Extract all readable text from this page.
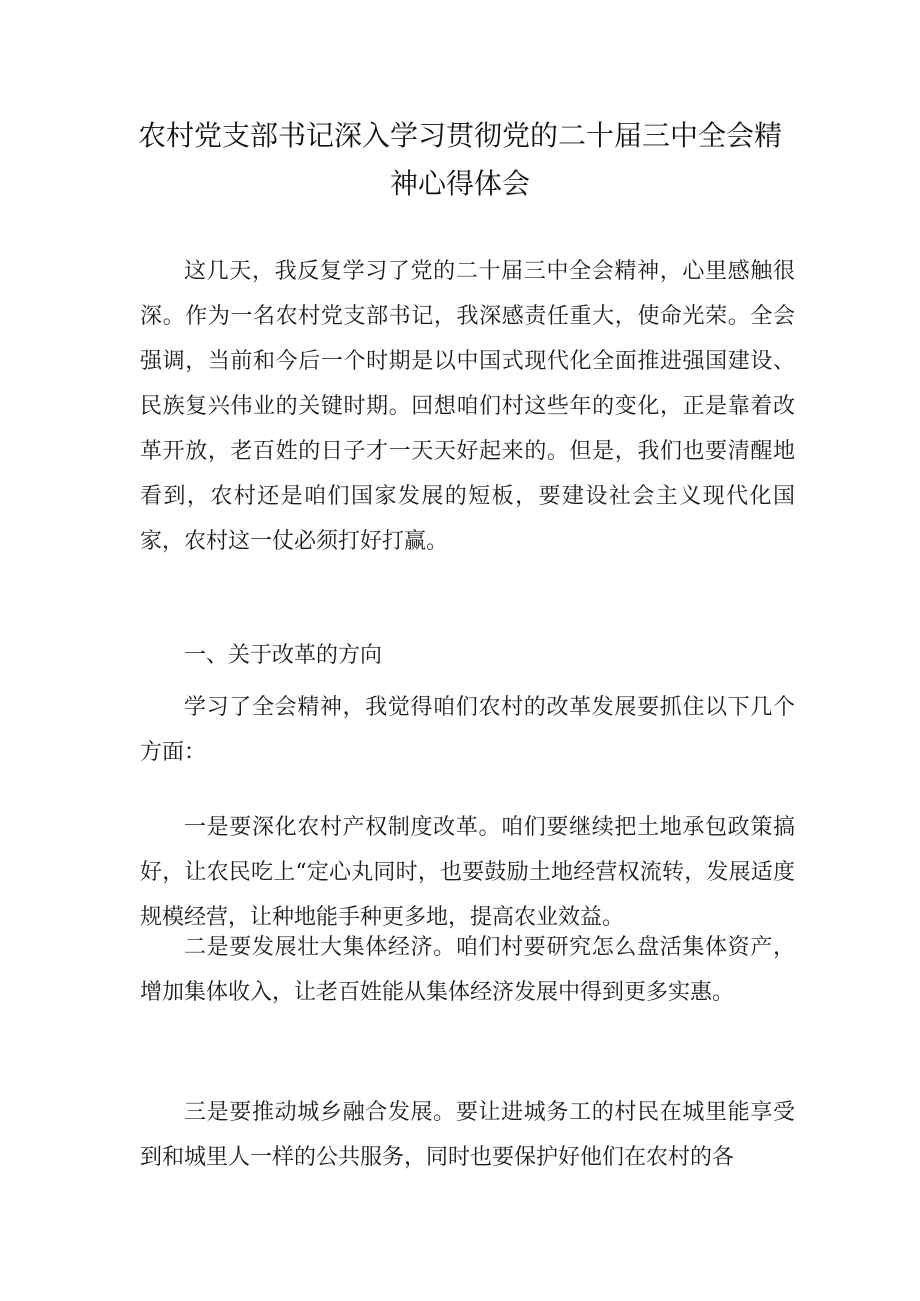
农村党支部书记深入学习贯彻党的二十届三中全会精神心得体会

这几天，我反复学习了党的二十届三中全会精神，心里感触很深。作为一名农村党支部书记，我深感责任重大，使命光荣。全会强调，当前和今后一个时期是以中国式现代化全面推进强国建设、民族复兴伟业的关键时期。回想咱们村这些年的变化，正是靠着改革开放，老百姓的日子才一天天好起来的。但是，我们也要清醒地看到，农村还是咱们国家发展的短板，要建设社会主义现代化国家，农村这一仗必须打好打赢。

一、关于改革的方向

学习了全会精神，我觉得咱们农村的改革发展要抓住以下几个方面：

一是要深化农村产权制度改革。咱们要继续把土地承包政策搞好，让农民吃上“定心丸同时，也要鼓励土地经营权流转，发展适度规模经营，让种地能手种更多地，提高农业效益。

二是要发展壮大集体经济。咱们村要研究怎么盘活集体资产，增加集体收入，让老百姓能从集体经济发展中得到更多实惠。

三是要推动城乡融合发展。要让进城务工的村民在城里能享受到和城里人一样的公共服务，同时也要保护好他们在农村的各
